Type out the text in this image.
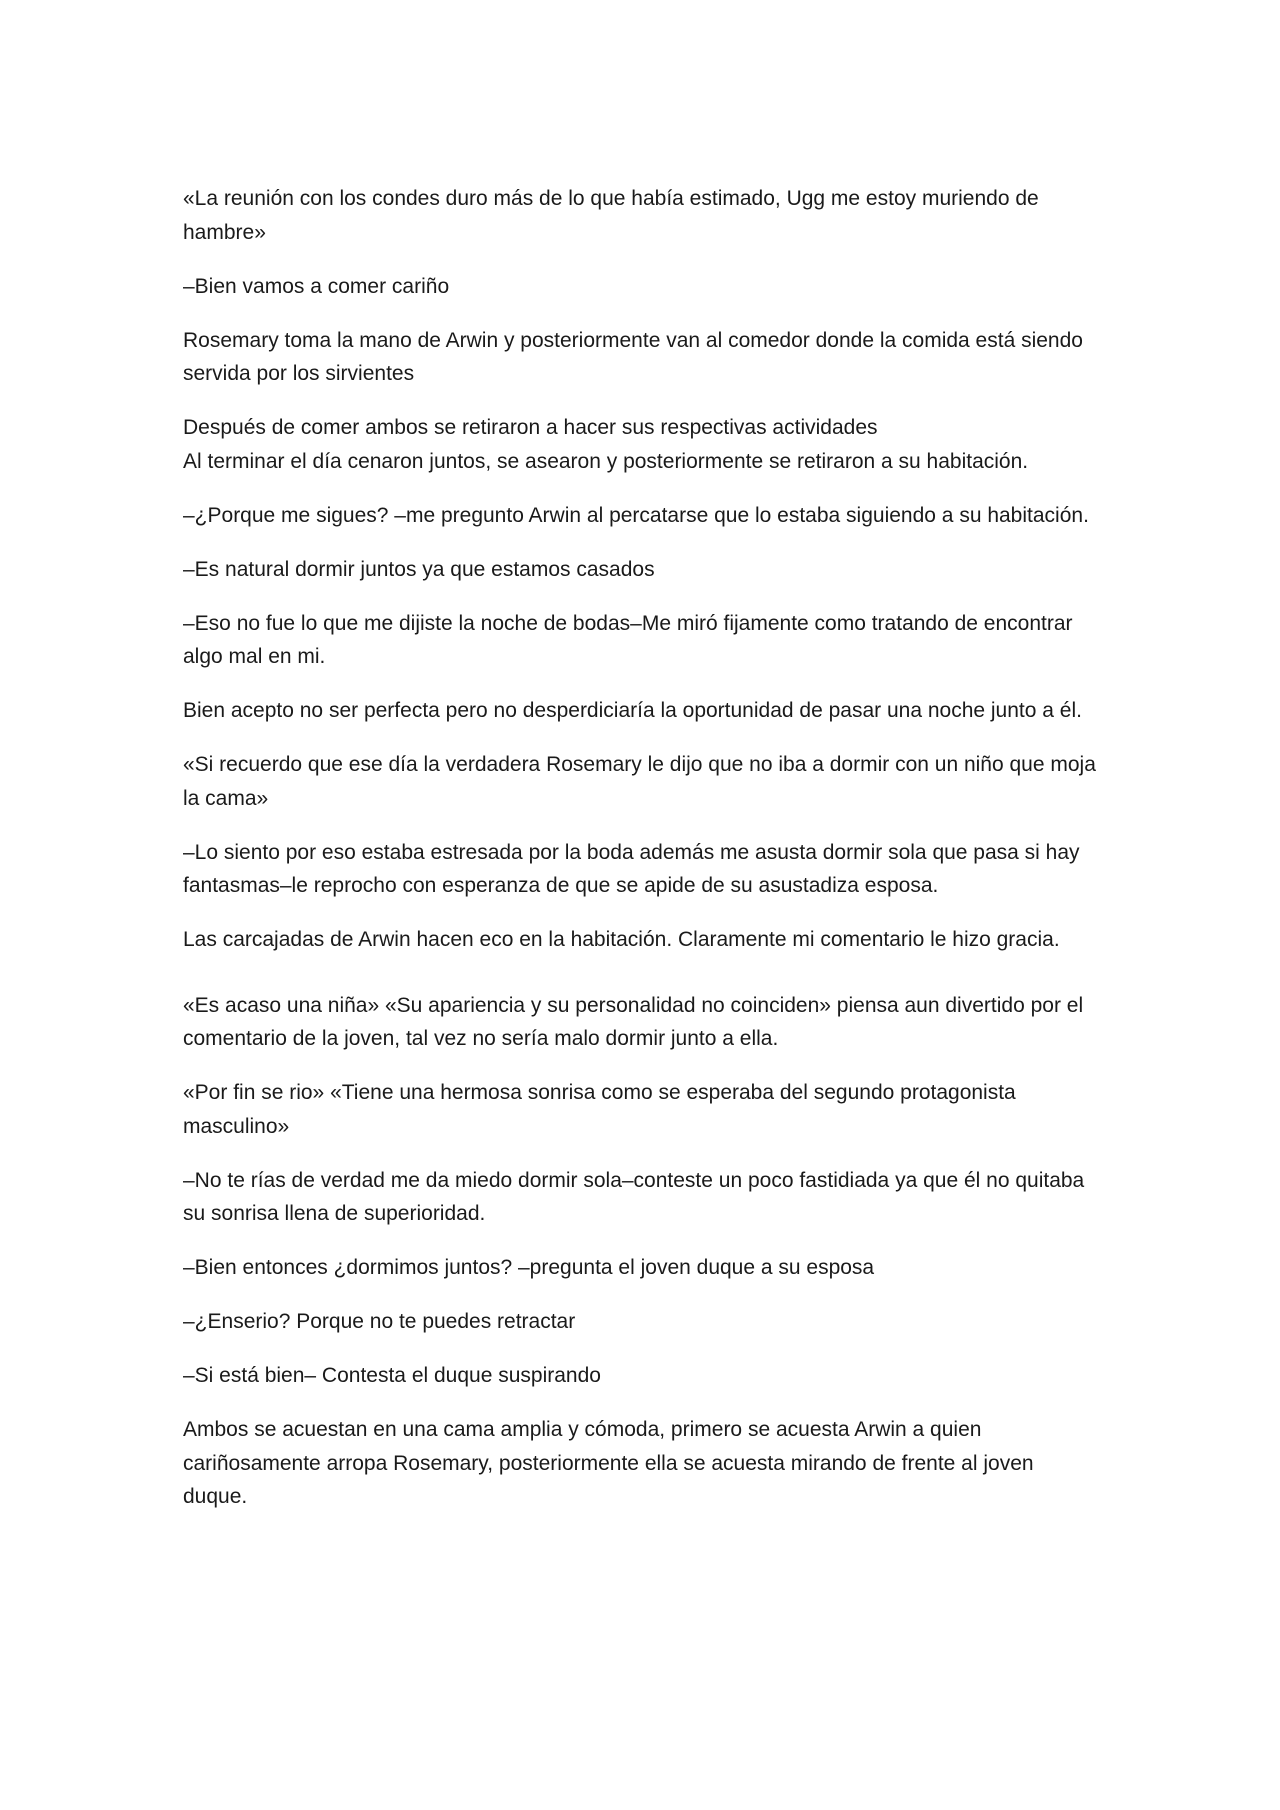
«La reunión con los condes duro más de lo que había estimado, Ugg me estoy muriendo de hambre»

–Bien vamos a comer cariño

Rosemary toma la mano de Arwin y posteriormente van al comedor donde la comida está siendo servida por los sirvientes

Después de comer ambos se retiraron a hacer sus respectivas actividades
Al terminar el día cenaron juntos, se asearon y posteriormente se retiraron a su habitación.

–¿Porque me sigues? –me pregunto Arwin al percatarse que lo estaba siguiendo a su habitación.

–Es natural dormir juntos ya que estamos casados

–Eso no fue lo que me dijiste la noche de bodas–Me miró fijamente como tratando de encontrar algo mal en mi.

Bien acepto no ser perfecta pero no desperdiciaría la oportunidad de pasar una noche junto a él.

«Si recuerdo que ese día la verdadera Rosemary le dijo que no iba a dormir con un niño que moja la cama»

–Lo siento por eso estaba estresada por la boda además me asusta dormir sola que pasa si hay fantasmas–le reprocho con esperanza de que se apide de su asustadiza esposa.

Las carcajadas de Arwin hacen eco en la habitación. Claramente mi comentario le hizo gracia.

«Es acaso una niña» «Su apariencia y su personalidad no coinciden» piensa aun divertido por el comentario de la joven, tal vez no sería malo dormir junto a ella.

«Por fin se rio» «Tiene una hermosa sonrisa como se esperaba del segundo protagonista masculino»

–No te rías de verdad me da miedo dormir sola–conteste un poco fastidiada ya que él no quitaba su sonrisa llena de superioridad.

–Bien entonces ¿dormimos juntos? –pregunta el joven duque a su esposa

–¿Enserio? Porque no te puedes retractar

–Si está bien– Contesta el duque suspirando

Ambos se acuestan en una cama amplia y cómoda, primero se acuesta Arwin a quien cariñosamente arropa Rosemary, posteriormente ella se acuesta mirando de frente al joven duque.
